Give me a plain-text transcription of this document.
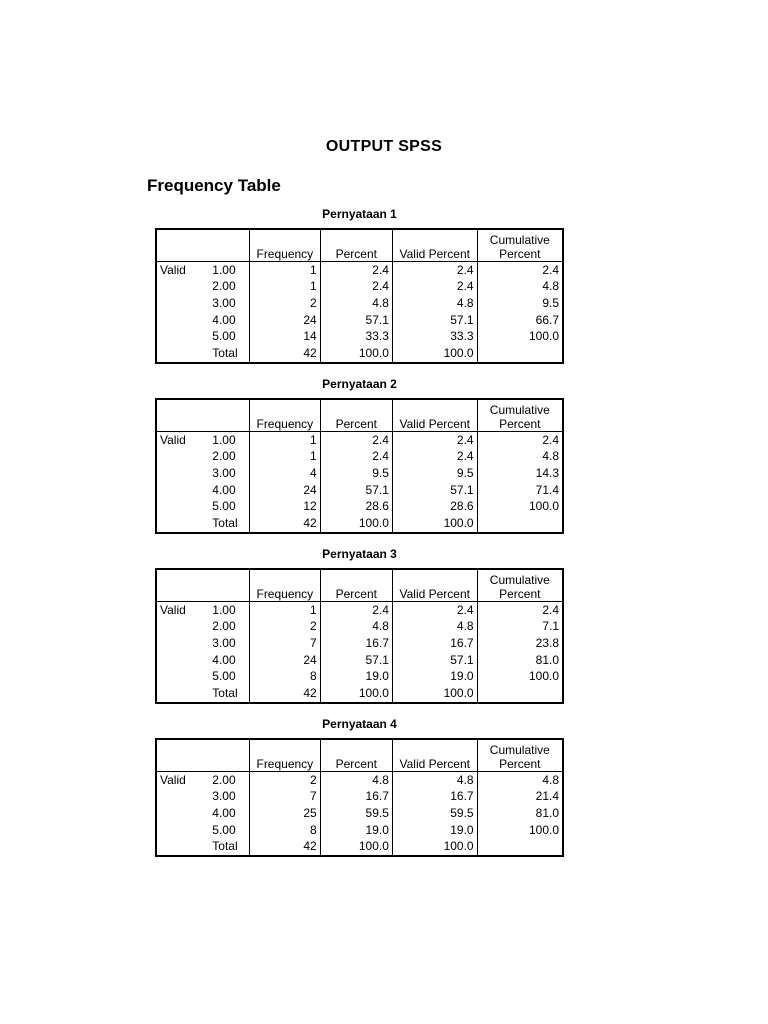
OUTPUT SPSS
Frequency Table
Pernyataan 1
		Frequency	Percent	Valid Percent	Cumulative
Percent

Valid	1.00	1	2.4	2.4	2.4
	2.00	1	2.4	2.4	4.8
	3.00	2	4.8	4.8	9.5
	4.00	24	57.1	57.1	66.7
	5.00	14	33.3	33.3	100.0
	Total	42	100.0	100.0	
Pernyataan 2
		Frequency	Percent	Valid Percent	Cumulative
Percent

Valid	1.00	1	2.4	2.4	2.4
	2.00	1	2.4	2.4	4.8
	3.00	4	9.5	9.5	14.3
	4.00	24	57.1	57.1	71.4
	5.00	12	28.6	28.6	100.0
	Total	42	100.0	100.0	
Pernyataan 3
		Frequency	Percent	Valid Percent	Cumulative
Percent

Valid	1.00	1	2.4	2.4	2.4
	2.00	2	4.8	4.8	7.1
	3.00	7	16.7	16.7	23.8
	4.00	24	57.1	57.1	81.0
	5.00	8	19.0	19.0	100.0
	Total	42	100.0	100.0	
Pernyataan 4
		Frequency	Percent	Valid Percent	Cumulative
Percent

Valid	2.00	2	4.8	4.8	4.8
	3.00	7	16.7	16.7	21.4
	4.00	25	59.5	59.5	81.0
	5.00	8	19.0	19.0	100.0
	Total	42	100.0	100.0	
